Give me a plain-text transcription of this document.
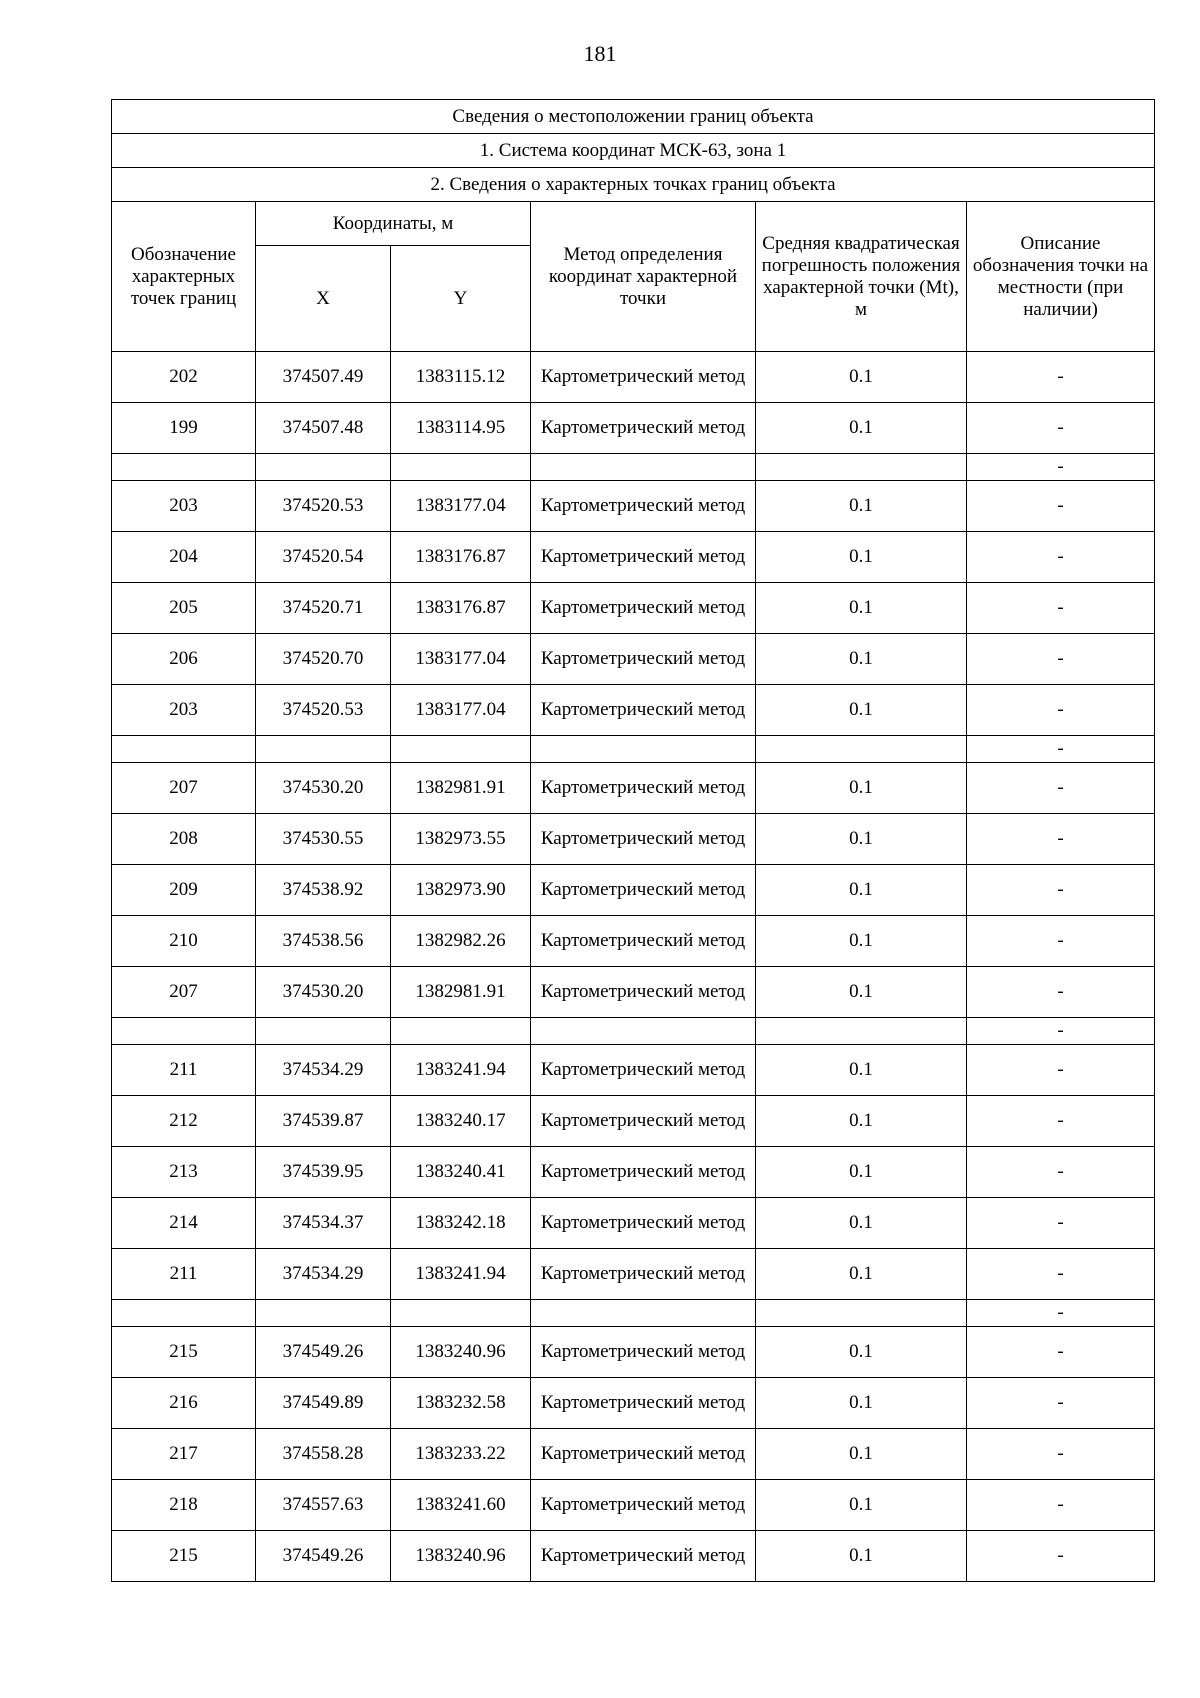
181
Сведения о местоположении границ объекта					
1. Система координат МСК-63, зона 1					
2. Сведения о характерных точках границ объекта					
Обозначение характерных точек границ	Координаты, м		Метод определения координат характерной точки	Средняя квадратическая погрешность положения характерной точки (Mt), м	Описание обозначения точки на местности (при наличии)
	X	Y			
202	374507.49	1383115.12	Картометрический метод	0.1	-
199	374507.48	1383114.95	Картометрический метод	0.1	-
					-
203	374520.53	1383177.04	Картометрический метод	0.1	-
204	374520.54	1383176.87	Картометрический метод	0.1	-
205	374520.71	1383176.87	Картометрический метод	0.1	-
206	374520.70	1383177.04	Картометрический метод	0.1	-
203	374520.53	1383177.04	Картометрический метод	0.1	-
					-
207	374530.20	1382981.91	Картометрический метод	0.1	-
208	374530.55	1382973.55	Картометрический метод	0.1	-
209	374538.92	1382973.90	Картометрический метод	0.1	-
210	374538.56	1382982.26	Картометрический метод	0.1	-
207	374530.20	1382981.91	Картометрический метод	0.1	-
					-
211	374534.29	1383241.94	Картометрический метод	0.1	-
212	374539.87	1383240.17	Картометрический метод	0.1	-
213	374539.95	1383240.41	Картометрический метод	0.1	-
214	374534.37	1383242.18	Картометрический метод	0.1	-
211	374534.29	1383241.94	Картометрический метод	0.1	-
					-
215	374549.26	1383240.96	Картометрический метод	0.1	-
216	374549.89	1383232.58	Картометрический метод	0.1	-
217	374558.28	1383233.22	Картометрический метод	0.1	-
218	374557.63	1383241.60	Картометрический метод	0.1	-
215	374549.26	1383240.96	Картометрический метод	0.1	-
